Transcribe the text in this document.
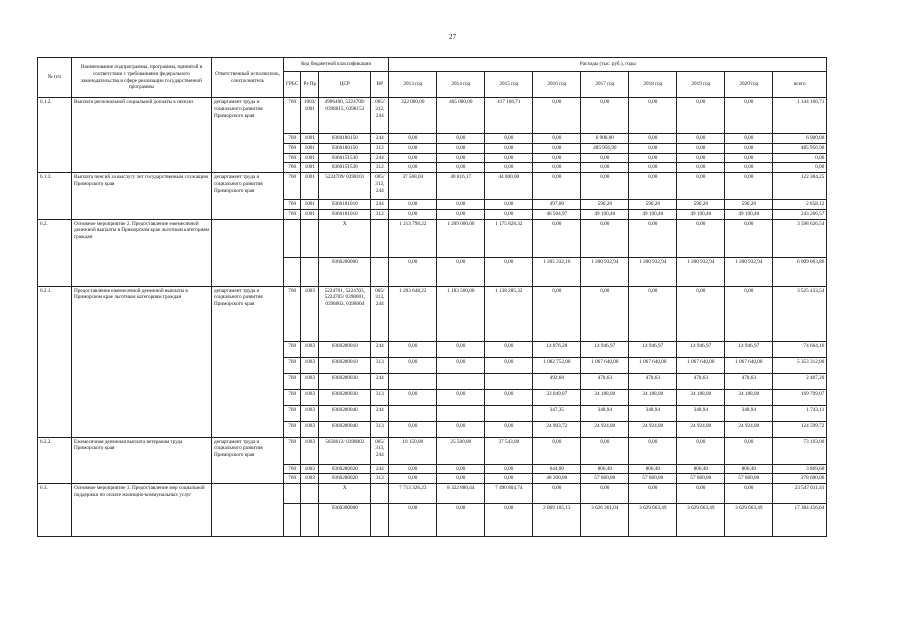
27
№ п/п	Наименование подпрограммы, программы, принятой в соответствии с требованиями федерального законодательства в сфере реализации государственной программы	Ответственный исполнитель, соисполнитель	Код бюджетной классификации				Расходы (тыс. руб.), годы								
			ГРБС	Рз Пр	ЦСР	ВР	2013 год	2014 год	2015 год	2016 год	2017 год	2018 год	2019 год	2020 год	всего
6.1.2.	Выплата региональной социальной доплаты к пенсии	департамент труда и социального развития Приморского края	760	1003/ 1001	4906400, 5224709/ 0398015, 0398153	005/ 312, 244	322 000,00	405 000,00	417 166,71	0,00	0,00	0,00	0,00	0,00	1 144 166,71
			760	1001	0360180150	244	0,00	0,00	0,00	0,00	6 900,00	0,00	0,00	0,00	6 900,00
			760	1001	0360180150	312	0,00	0,00	0,00	0,00	485 956,90	0,00	0,00	0,00	485 956,90
			760	1001	0360151530	244	0,00	0,00	0,00	0,00	0,00	0,00	0,00	0,00	0,00
			760	1001	0360151530	312	0,00	0,00	0,00	0,00	0,00	0,00	0,00	0,00	0,00
6.1.3.	Выплата пенсий за выслугу лет государственным служащим Приморского края	департамент труда и социального развития Приморского края	760	1001	5224709/ 0398101	005/ 312, 244	37 568,04	40 816,17	44 000,00	0,00	0,00	0,00	0,00	0,00	122 384,25
			760	1001	0360181010	244	0,00	0,00	0,00	497,00	590,28	590,28	590,28	590,28	2 858,12
			760	1001	0360181010	312	0,00	0,00	0,00	46 504,97	49 190,40	49 190,40	49 190,40	49 190,40	243 266,57
6.2.	Основное мероприятие 2. Предоставление ежемесячной денежной выплаты в Приморском крае льготным категориям граждан				X		1 213 798,22	1 209 000,00	1 175 828,32	0,00	0,00	0,00	0,00	0,00	3 598 626,54
					0360200000		0,00	0,00	0,00	1 205 332,10	1 200 932,94	1 200 932,94	1 200 932,94	1 200 932,94	6 009 063,86
6.2.1.	Предоставление ежемесячной денежной выплаты в Приморском крае льготным категориям граждан	департамент труда и социального развития Приморского края	760	1003	5224701, 5224703, 5224705/ 0398001, 0398003, 0398004	005/ 313, 244	1 203 648,22	1 183 500,00	1 138 285,32	0,00	0,00	0,00	0,00	0,00	3 525 433,54
			760	1003	0360280010	244	0,00	0,00	0,00	14 876,28	14 946,97	14 946,97	14 946,97	14 946,97	74 664,16
			760	1003	0360280010	313	0,00	0,00	0,00	1 082 752,00	1 067 640,00	1 067 640,00	1 067 640,00	1 067 640,00	5 353 312,00
			760	1003	0360280030	244				492,68	478,63	478,63	478,63	478,63	2 407,20
			760	1003	0360280030	313	0,00	0,00	0,00	33 049,07	34 188,00	34 188,00	34 188,00	34 188,00	169 799,07
			760	1003	0360280040	244				347,35	348,94	348,94	348,94	348,94	1 743,11
			760	1003	0360280040	313	0,00	0,00	0,00	24 903,72	24 924,00	24 924,00	24 924,00	24 924,00	124 599,72
6.2.2.	Ежемесячная денежная выплата ветеранам труда Приморского края	департамент труда и социального развития Приморского края	760	1003	5058612/ 0398002	005/ 313, 244	10 150,00	25 500,00	37 543,00	0,00	0,00	0,00	0,00	0,00	73 193,00
			760	1003	0360280020	244	0,00	0,00	0,00	644,00	806,40	806,40	806,40	806,40	3 869,60
			760	1003	0360280020	313	0,00	0,00	0,00	48 200,00	57 600,00	57 600,00	57 600,00	57 600,00	278 600,00
6.3.	Основное мероприятие 3. Предоставление мер социальной поддержки по оплате жилищно-коммунальных услуг				X		7 713 326,23	8 322 880,44	7 490 804,74	0,00	0,00	0,00	0,00	0,00	23 547 011,41
					0360300000		0,00	0,00	0,00	2 869 105,13	3 626 361,04	3 629 663,49	3 629 663,49	3 629 663,49	17 384 456,64
